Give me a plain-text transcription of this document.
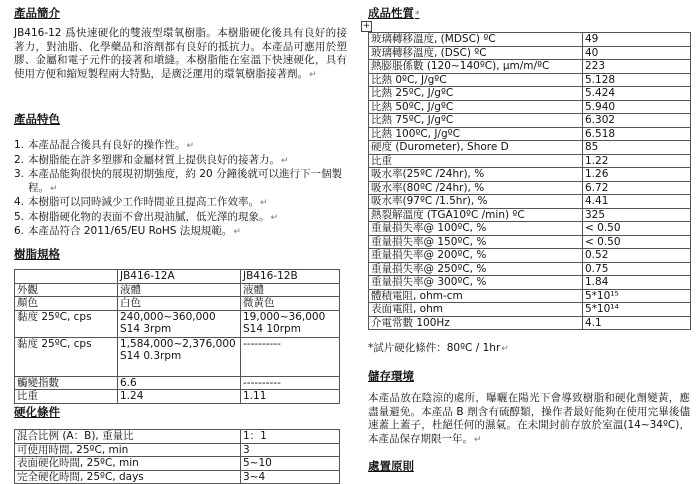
產品簡介
JB416-12 爲快速硬化的雙液型環氧樹脂。本樹脂硬化後具有良好的接著力，對油脂、化學藥品和溶劑都有良好的抵抗力。本產品可應用於塑膠、金屬和電子元件的接著和塡縫。本樹脂能在室溫下快速硬化，具有使用方便和縮短製程兩大特點，是廣泛運用的環氧樹脂接著劑。↵
產品特色
1. 本產品混合後具有良好的操作性。↵
2. 本樹脂能在許多塑膠和金屬材質上提供良好的接著力。↵
3. 本產品能夠很快的展現初期強度，約 20 分鐘後就可以進行下一個製程。↵
4. 本樹脂可以同時減少工作時間並且提高工作效率。↵
5. 本樹脂硬化物的表面不會出現油膩，低光澤的現象。↵
6. 本產品符合 2011/65/EU RoHS 法規規範。↵
樹脂規格
	JB416-12A	JB416-12B
外觀	液體	液體
顏色	白色	微黃色
黏度 25ºC, cps	240,000~360,000 S14 3rpm	19,000~36,000 S14 10rpm
黏度 25ºC, cps	1,584,000~2,376,000 S14 0.3rpm	----------
觸變指數	6.6	----------
比重	1.24	1.11
硬化條件
混合比例 (A：B), 重量比	1：1
可使用時間, 25ºC, min	3
表面硬化時間, 25ºC, min	5~10
完全硬化時間, 25ºC, days	3~4
成品性質*
+
玻璃轉移溫度, (MDSC) ºC	49
玻璃轉移溫度, (DSC) ºC	40
熱膨脹係數 (120~140ºC), μm/m/ºC	223
比熱 0ºC, J/gºC	5.128
比熱 25ºC, J/gºC	5.424
比熱 50ºC, J/gºC	5.940
比熱 75ºC, J/gºC	6.302
比熱 100ºC, J/gºC	6.518
硬度 (Durometer), Shore D	85
比重	1.22
吸水率(25ºC /24hr), %	1.26
吸水率(80ºC /24hr), %	6.72
吸水率(97ºC /1.5hr), %	4.41
熱裂解溫度 (TGA10ºC /min) ºC	325
重量損失率@ 100ºC, %	< 0.50
重量損失率@ 150ºC, %	< 0.50
重量損失率@ 200ºC, %	0.52
重量損失率@ 250ºC, %	0.75
重量損失率@ 300ºC, %	1.84
體積電阻, ohm-cm	5*10¹⁵
表面電阻, ohm	5*10¹⁴
介電常數 100Hz	4.1
*試片硬化條件：80ºC / 1hr↵
儲存環境
本產品放在陰涼的處所，曝曬在陽光下會導致樹脂和硬化劑變黃，應盡量避免。本產品 B 劑含有硫醇類，操作者最好能夠在使用完畢後儘速蓋上蓋子，杜絕任何的濕氣。在未開封前存放於室溫(14~34ºC)，本產品保存期限一年。↵
處置原則
